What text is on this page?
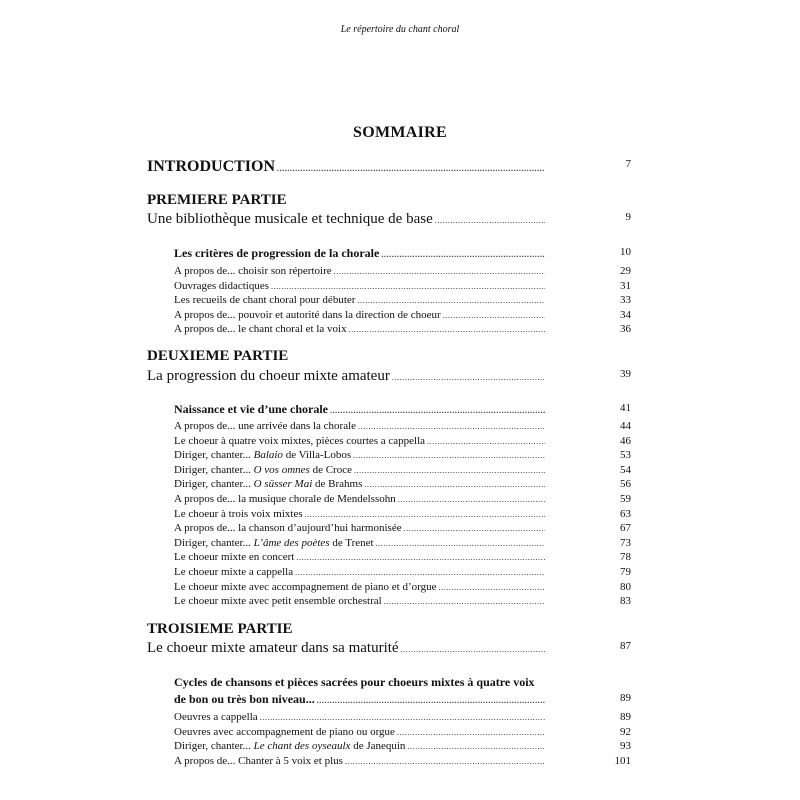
Le répertoire du chant choral
SOMMAIRE
INTRODUCTION .....	7
PREMIERE PARTIE
Une bibliothèque musicale et technique de base .....	9
Les critères de progression de la chorale .....	10
A propos de... choisir son répertoire .....	29
Ouvrages didactiques .....	31
Les recueils de chant choral pour débuter .....	33
A propos de... pouvoir et autorité dans la direction de choeur .....	34
A propos de... le chant choral et la voix .....	36
DEUXIEME PARTIE
La progression du choeur mixte amateur .....	39
Naissance et vie d’une chorale .....	41
A propos de... une arrivée dans la chorale .....	44
Le choeur à quatre voix mixtes, pièces courtes a cappella .....	46
Diriger, chanter... Balaio de Villa-Lobos .....	53
Diriger, chanter... O vos omnes de Croce .....	54
Diriger, chanter... O süsser Mai de Brahms .....	56
A propos de... la musique chorale de Mendelssohn .....	59
Le choeur à trois voix mixtes .....	63
A propos de... la chanson d’aujourd’hui harmonisée .....	67
Diriger, chanter... L’âme des poètes de Trenet .....	73
Le choeur mixte en concert .....	78
Le choeur mixte a cappella .....	79
Le choeur mixte avec accompagnement de piano et d’orgue .....	80
Le choeur mixte avec petit ensemble orchestral .....	83
TROISIEME PARTIE
Le choeur mixte amateur dans sa maturité .....	87
Cycles de chansons et pièces sacrées pour choeurs mixtes à quatre voix
de bon ou très bon niveau... .....	89
Oeuvres a cappella .....	89
Oeuvres avec accompagnement de piano ou orgue .....	92
Diriger, chanter... Le chant des oyseaulx de Janequin .....	93
A propos de... Chanter à 5 voix et plus .....	101
